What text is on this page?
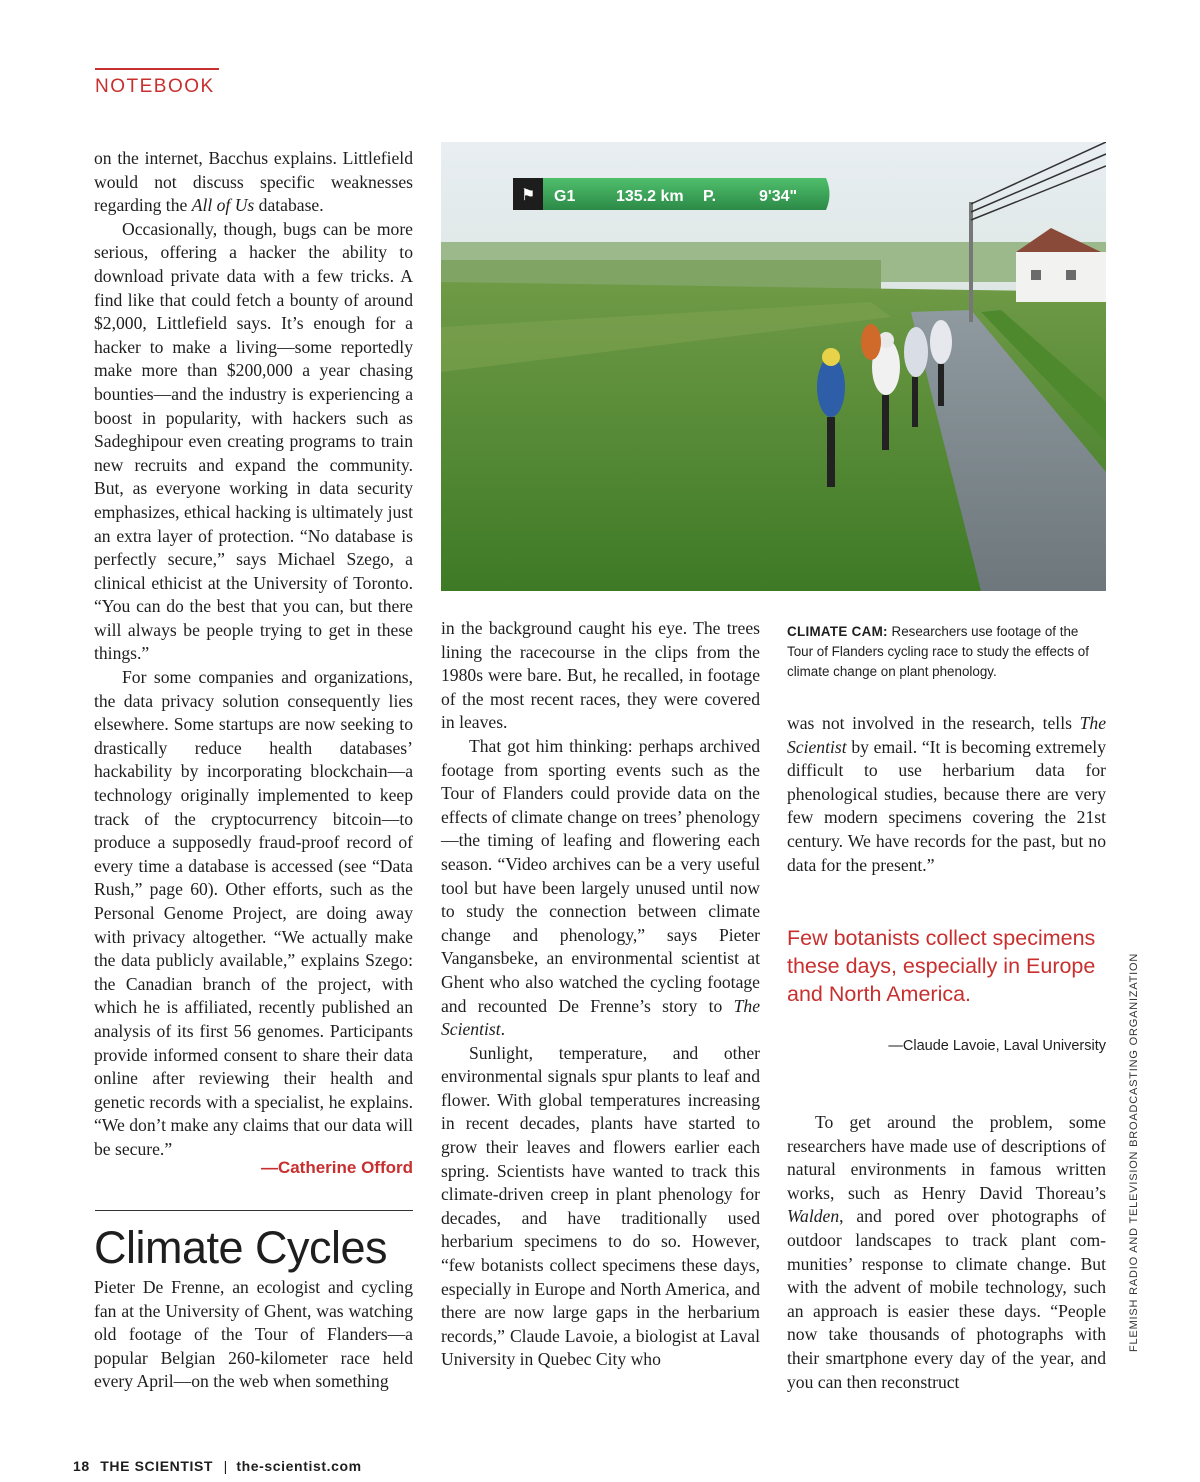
NOTEBOOK

on the internet, Bacchus explains. Littlefield would not discuss specific weaknesses regarding the All of Us database.

Occasionally, though, bugs can be more serious, offering a hacker the ability to download private data with a few tricks. A find like that could fetch a bounty of around $2,000, Littlefield says. It’s enough for a hacker to make a living—some reportedly make more than $200,000 a year chasing bounties—and the industry is experiencing a boost in popularity, with hackers such as Sadeghipour even creating programs to train new recruits and expand the community. But, as everyone working in data security emphasizes, ethical hacking is ultimately just an extra layer of protection. “No database is perfectly secure,” says Michael Szego, a clinical ethicist at the University of Toronto. “You can do the best that you can, but there will always be people trying to get in these things.”

For some companies and organizations, the data privacy solution consequently lies elsewhere. Some startups are now seeking to drastically reduce health databases’ hackability by incorporating blockchain—a technology originally implemented to keep track of the cryptocurrency bitcoin—to produce a supposedly fraud-proof record of every time a database is accessed (see “Data Rush,” page 60). Other efforts, such as the Personal Genome Project, are doing away with privacy altogether. “We actually make the data publicly available,” explains Szego: the Canadian branch of the project, with which he is affiliated, recently published an analysis of its first 56 genomes. Participants provide informed consent to share their data online after reviewing their health and genetic records with a specialist, he explains. “We don’t make any claims that our data will be secure.”

—Catherine Offord
Climate Cycles

Pieter De Frenne, an ecologist and cycling fan at the University of Ghent, was watching old footage of the Tour of Flanders—a popular Belgian 260-kilometer race held every April—on the web when something

⚑ G1	135.2 km P.	9'34"
CLIMATE CAM: Researchers use footage of the Tour of Flanders cycling race to study the effects of climate change on plant phenology.

in the background caught his eye. The trees lining the racecourse in the clips from the 1980s were bare. But, he recalled, in footage of the most recent races, they were covered in leaves.

That got him thinking: perhaps archived footage from sporting events such as the Tour of Flanders could provide data on the effects of climate change on trees’ phenology—the timing of leafing and flowering each season. “Video archives can be a very useful tool but have been largely unused until now to study the connection between climate change and phenology,” says Pieter Vangansbeke, an environmental scientist at Ghent who also watched the cycling footage and recounted De Frenne’s story to The Scientist.

Sunlight, temperature, and other environmental signals spur plants to leaf and flower. With global temperatures increasing in recent decades, plants have started to grow their leaves and flowers earlier each spring. Scientists have wanted to track this climate-driven creep in plant phenology for decades, and have traditionally used herbarium specimens to do so. However, “few botanists collect specimens these days, especially in Europe and North America, and there are now large gaps in the herbarium records,” Claude Lavoie, a biologist at Laval University in Quebec City who

was not involved in the research, tells The Scientist by email. “It is becoming extremely difficult to use herbarium data for phenological studies, because there are very few modern specimens covering the 21st century. We have records for the past, but no data for the present.”

Few botanists collect specimens these days, especially in Europe and North America.
—Claude Lavoie, Laval University

To get around the problem, some researchers have made use of descriptions of natural environments in famous written works, such as Henry David Thoreau’s Walden, and pored over photographs of outdoor landscapes to track plant communities’ response to climate change. But with the advent of mobile technology, such an approach is easier these days. “People now take thousands of photographs with their smartphone every day of the year, and you can then reconstruct

FLEMISH RADIO AND TELEVISION BROADCASTING ORGANIZATION
18 THE SCIENTIST | the-scientist.com
